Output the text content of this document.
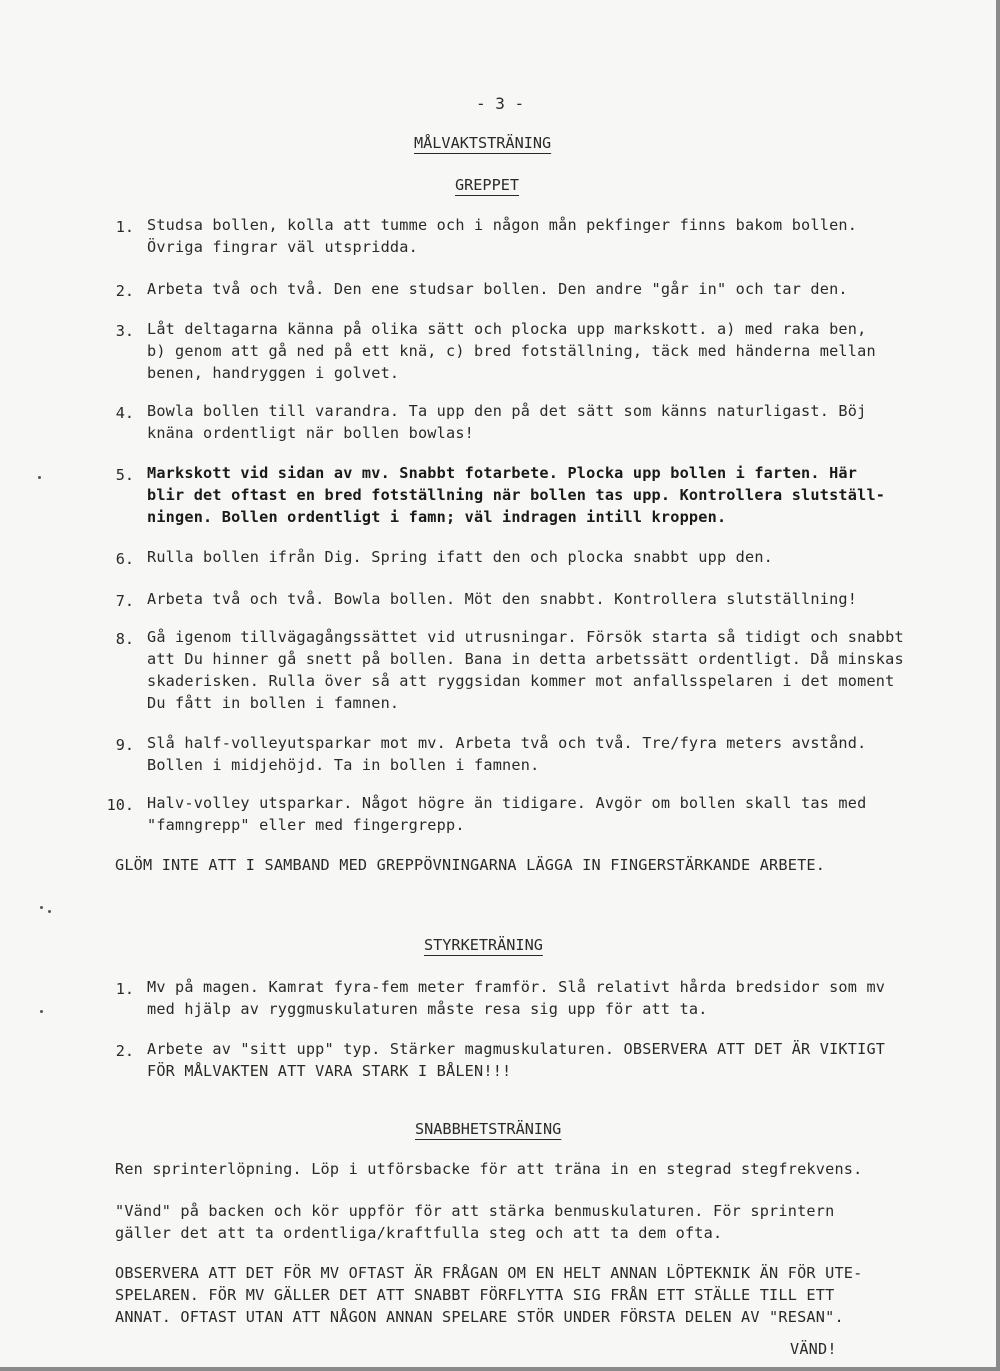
- 3 -
MÅLVAKTSTRÄNING
GREPPET
1. Studsa bollen, kolla att tumme och i någon mån pekfinger finns bakom bollen.
Övriga fingrar väl utspridda.
2. Arbeta två och två. Den ene studsar bollen. Den andre "går in" och tar den.
3. Låt deltagarna känna på olika sätt och plocka upp markskott. a) med raka ben,
b) genom att gå ned på ett knä, c) bred fotställning, täck med händerna mellan
benen, handryggen i golvet.
4. Bowla bollen till varandra. Ta upp den på det sätt som känns naturligast. Böj
knäna ordentligt när bollen bowlas!
5. Markskott vid sidan av mv. Snabbt fotarbete. Plocka upp bollen i farten. Här
blir det oftast en bred fotställning när bollen tas upp. Kontrollera slutställ-
ningen. Bollen ordentligt i famn; väl indragen intill kroppen.
6. Rulla bollen ifrån Dig. Spring ifatt den och plocka snabbt upp den.
7. Arbeta två och två. Bowla bollen. Möt den snabbt. Kontrollera slutställning!
8. Gå igenom tillvägagångssättet vid utrusningar. Försök starta så tidigt och snabbt
att Du hinner gå snett på bollen. Bana in detta arbetssätt ordentligt. Då minskas
skaderisken. Rulla över så att ryggsidan kommer mot anfallsspelaren i det moment
Du fått in bollen i famnen.
9. Slå half-volleyutsparkar mot mv. Arbeta två och två. Tre/fyra meters avstånd.
Bollen i midjehöjd. Ta in bollen i famnen.
10. Halv-volley utsparkar. Något högre än tidigare. Avgör om bollen skall tas med
"famngrepp" eller med fingergrepp.
GLÖM INTE ATT I SAMBAND MED GREPPÖVNINGARNA LÄGGA IN FINGERSTÄRKANDE ARBETE.
STYRKETRÄNING
1. Mv på magen. Kamrat fyra-fem meter framför. Slå relativt hårda bredsidor som mv
med hjälp av ryggmuskulaturen måste resa sig upp för att ta.
2. Arbete av "sitt upp" typ. Stärker magmuskulaturen. OBSERVERA ATT DET ÄR VIKTIGT
FÖR MÅLVAKTEN ATT VARA STARK I BÅLEN!!!
SNABBHETSTRÄNING
Ren sprinterlöpning. Löp i utförsbacke för att träna in en stegrad stegfrekvens.
"Vänd" på backen och kör uppför för att stärka benmuskulaturen. För sprintern
gäller det att ta ordentliga/kraftfulla steg och att ta dem ofta.
OBSERVERA ATT DET FÖR MV OFTAST ÄR FRÅGAN OM EN HELT ANNAN LÖPTEKNIK ÄN FÖR UTE-
SPELAREN. FÖR MV GÄLLER DET ATT SNABBT FÖRFLYTTA SIG FRÅN ETT STÄLLE TILL ETT
ANNAT. OFTAST UTAN ATT NÅGON ANNAN SPELARE STÖR UNDER FÖRSTA DELEN AV "RESAN".
VÄND!
